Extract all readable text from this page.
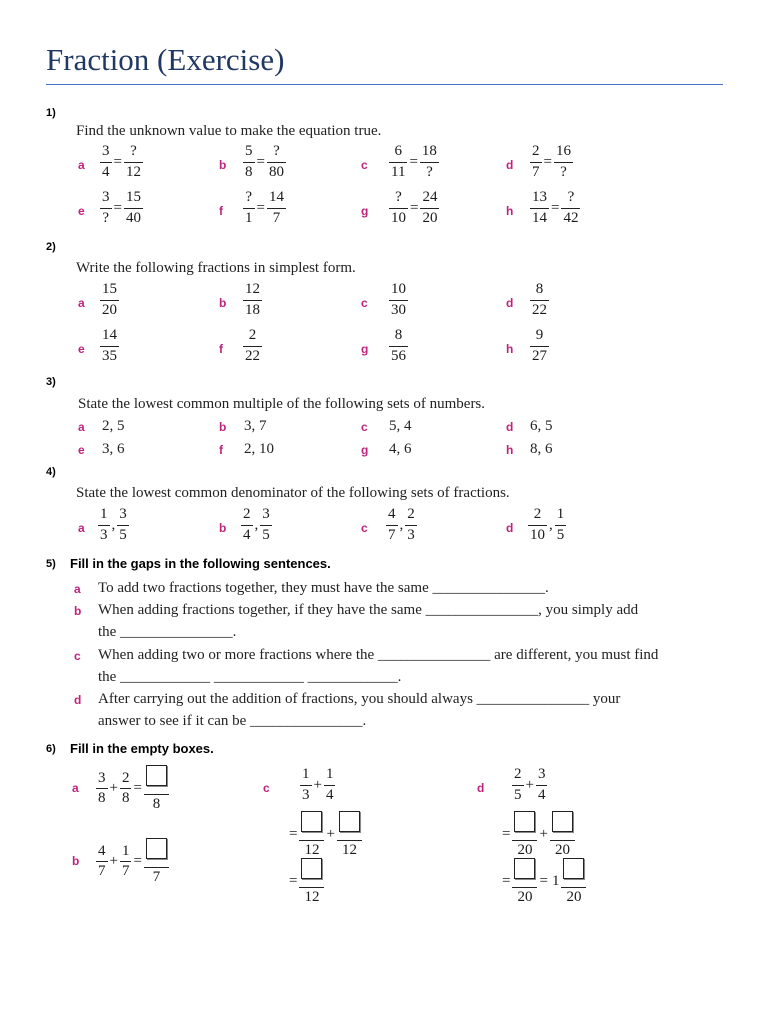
Fraction (Exercise)
1)
Find the unknown value to make the equation true.
a $\frac{3}{4} = \frac{?}{12}$	b $\frac{5}{8} = \frac{?}{80}$	c $\frac{6}{11} = \frac{18}{?}$	d $\frac{2}{7} = \frac{16}{?}$
e $\frac{3}{?} = \frac{15}{40}$	f $\frac{?}{1} = \frac{14}{7}$	g $\frac{?}{10} = \frac{24}{20}$	h $\frac{13}{14} = \frac{?}{42}$
2)
Write the following fractions in simplest form.
a $\frac{15}{20}$	b $\frac{12}{18}$	c $\frac{10}{30}$	d $\frac{8}{22}$
e $\frac{14}{35}$	f $\frac{2}{22}$	g $\frac{8}{56}$	h $\frac{9}{27}$
3)
State the lowest common multiple of the following sets of numbers.
a 2, 5	b 3, 7	c 5, 4	d 6, 5
e 3, 6	f 2, 10	g 4, 6	h 8, 6
4)
State the lowest common denominator of the following sets of fractions.
a $\frac{1}{3}$ , $\frac{3}{5}$	b $\frac{2}{4}$ , $\frac{3}{5}$	c $\frac{4}{7}$ , $\frac{2}{3}$	d $\frac{2}{10}$ , $\frac{1}{5}$
5) Fill in the gaps in the following sentences.
a To add two fractions together, they must have the same _______________.
b When adding fractions together, if they have the same _______________, you simply add
the _______________.
c When adding two or more fractions where the _______________ are different, you must find
the ____________ ____________ ____________.
d After carrying out the addition of fractions, you should always _______________ your
answer to see if it can be _______________.
6) Fill in the empty boxes.
a $\frac{3}{8} + \frac{2}{8}$ =
8
b $\frac{4}{7} + \frac{1}{7}$ =
7
c $\frac{1}{3} + \frac{1}{4}$
=
12
+
12
=
12
d $\frac{2}{5} + \frac{3}{4}$
=
20
+
20
=
20
= 1
20
